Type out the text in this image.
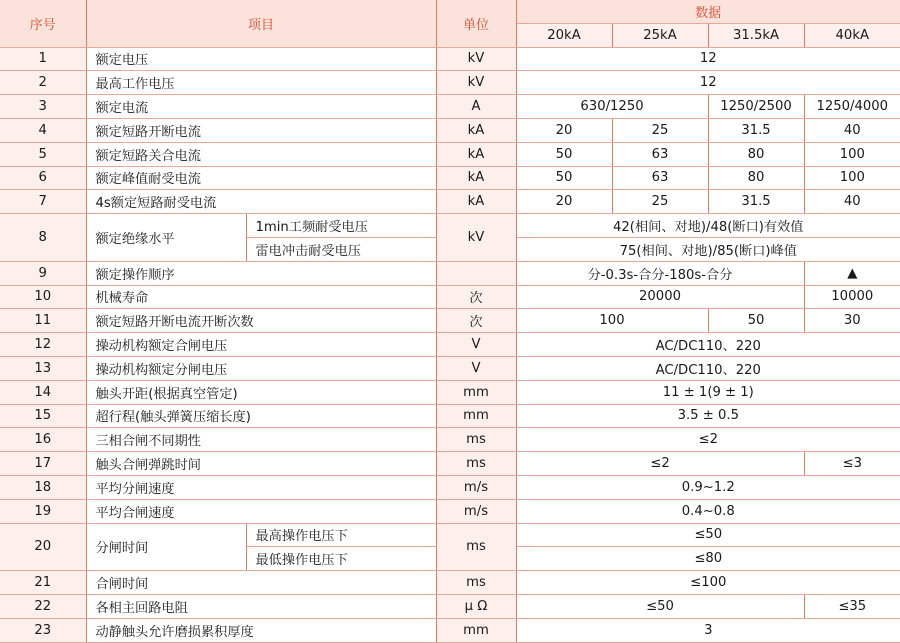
序号	项目		单位	数据			
				20kA	25kA	31.5kA	40kA
1	额定电压		kV	12			
2	最高工作电压		kV	12			
3	额定电流		A	630/1250		1250/2500	1250/4000
4	额定短路开断电流		kA	20	25	31.5	40
5	额定短路关合电流		kA	50	63	80	100
6	额定峰值耐受电流		kA	50	63	80	100
7	4s额定短路耐受电流		kA	20	25	31.5	40
8	额定绝缘水平	1min工频耐受电压	kV	42(相间、对地)/48(断口)有效值			
		雷电冲击耐受电压		75(相间、对地)/85(断口)峰值			
9	额定操作顺序			分-0.3s-合分-180s-合分			▲
10	机械寿命		次	20000			10000
11	额定短路开断电流开断次数		次	100		50	30
12	操动机构额定合闸电压		V	AC/DC110、220			
13	操动机构额定分闸电压		V	AC/DC110、220			
14	触头开距(根据真空管定)		mm	11 ± 1(9 ± 1)			
15	超行程(触头弹簧压缩长度)		mm	3.5 ± 0.5			
16	三相合闸不同期性		ms	≤2			
17	触头合闸弹跳时间		ms	≤2			≤3
18	平均分闸速度		m/s	0.9~1.2			
19	平均合闸速度		m/s	0.4~0.8			
20	分闸时间	最高操作电压下	ms	≤50			
		最低操作电压下		≤80			
21	合闸时间		ms	≤100			
22	各相主回路电阻		μ Ω	≤50			≤35
23	动静触头允许磨损累积厚度		mm	3			
